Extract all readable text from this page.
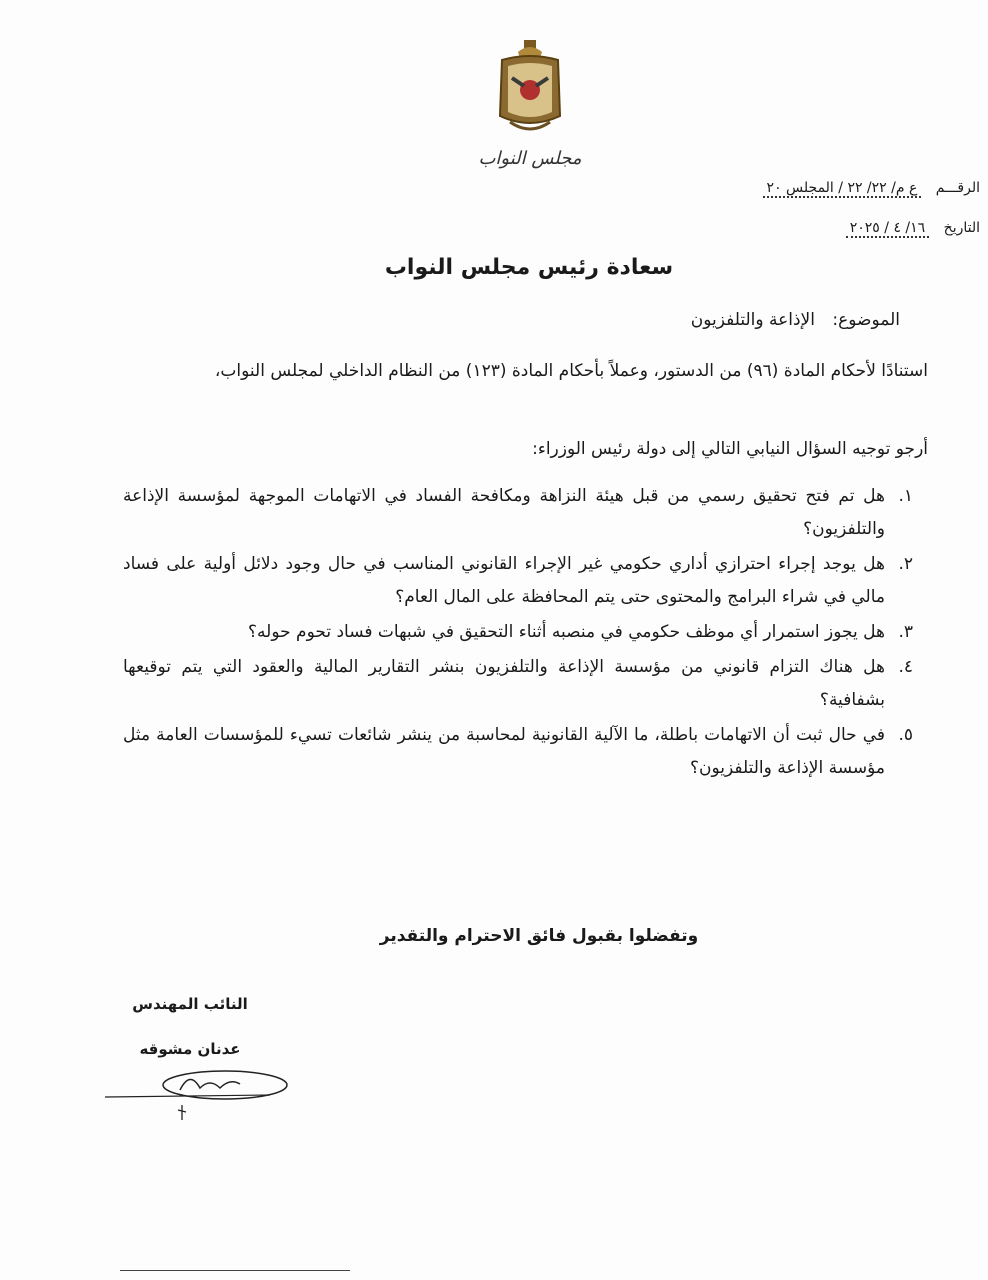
مجلس النواب
الرقـــم ع م/ ٢٢/ ٢٢ / المجلس ٢٠
التاريخ ١٦/ ٤ / ٢٠٢٥
سعادة رئيس مجلس النواب
الموضوع: الإذاعة والتلفزيون
استنادًا لأحكام المادة (٩٦) من الدستور، وعملاً بأحكام المادة (١٢٣) من النظام الداخلي لمجلس النواب،
أرجو توجيه السؤال النيابي التالي إلى دولة رئيس الوزراء:
١.
هل تم فتح تحقيق رسمي من قبل هيئة النزاهة ومكافحة الفساد في الاتهامات الموجهة لمؤسسة الإذاعة والتلفزيون؟
٢.
هل يوجد إجراء احترازي أداري حكومي غير الإجراء القانوني المناسب في حال وجود دلائل أولية على فساد مالي في شراء البرامج والمحتوى حتى يتم المحافظة على المال العام؟
٣.
هل يجوز استمرار أي موظف حكومي في منصبه أثناء التحقيق في شبهات فساد تحوم حوله؟
٤.
هل هناك التزام قانوني من مؤسسة الإذاعة والتلفزيون بنشر التقارير المالية والعقود التي يتم توقيعها بشفافية؟
٥.
في حال ثبت أن الاتهامات باطلة، ما الآلية القانونية لمحاسبة من ينشر شائعات تسيء للمؤسسات العامة مثل مؤسسة الإذاعة والتلفزيون؟
وتفضلوا بقبول فائق الاحترام والتقدير
النائب المهندس
عدنان مشوقه
